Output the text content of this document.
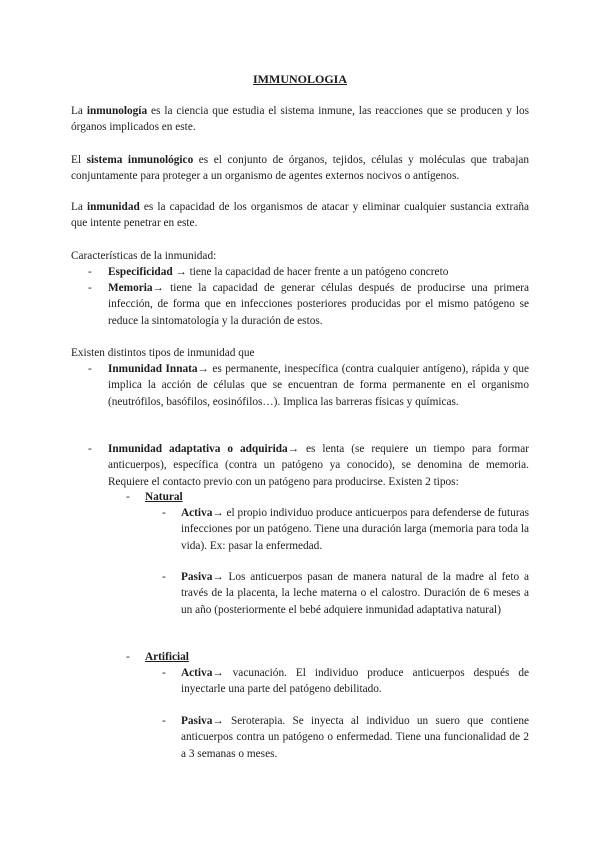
IMMUNOLOGIA
La inmunología es la ciencia que estudia el sistema inmune, las reacciones que se producen y los órganos implicados en este.
El sistema inmunológico es el conjunto de órganos, tejidos, células y moléculas que trabajan conjuntamente para proteger a un organismo de agentes externos nocivos o antígenos.
La inmunidad es la capacidad de los organismos de atacar y eliminar cualquier sustancia extraña que intente penetrar en este.
Características de la inmunidad:
- Especificidad → tiene la capacidad de hacer frente a un patógeno concreto
- Memoria→ tiene la capacidad de generar células después de producirse una primera infección, de forma que en infecciones posteriores producidas por el mismo patógeno se reduce la sintomatología y la duración de estos.
Existen distintos tipos de inmunidad que
- Inmunidad Innata→ es permanente, inespecífica (contra cualquier antígeno), rápida y que implica la acción de células que se encuentran de forma permanente en el organismo (neutrófilos, basófilos, eosinófilos…). Implica las barreras físicas y químicas.
- Inmunidad adaptativa o adquirida→ es lenta (se requiere un tiempo para formar anticuerpos), específica (contra un patógeno ya conocido), se denomina de memoria. Requiere el contacto previo con un patógeno para producirse. Existen 2 tipos:
- Natural
- Activa→ el propio individuo produce anticuerpos para defenderse de futuras infecciones por un patógeno. Tiene una duración larga (memoria para toda la vida). Ex: pasar la enfermedad.
- Pasiva→ Los anticuerpos pasan de manera natural de la madre al feto a través de la placenta, la leche materna o el calostro. Duración de 6 meses a un año (posteriormente el bebé adquiere inmunidad adaptativa natural)
- Artificial
- Activa→ vacunación. El individuo produce anticuerpos después de inyectarle una parte del patógeno debilitado.
- Pasiva→ Seroterapia. Se inyecta al individuo un suero que contiene anticuerpos contra un patógeno o enfermedad. Tiene una funcionalidad de 2 a 3 semanas o meses.
